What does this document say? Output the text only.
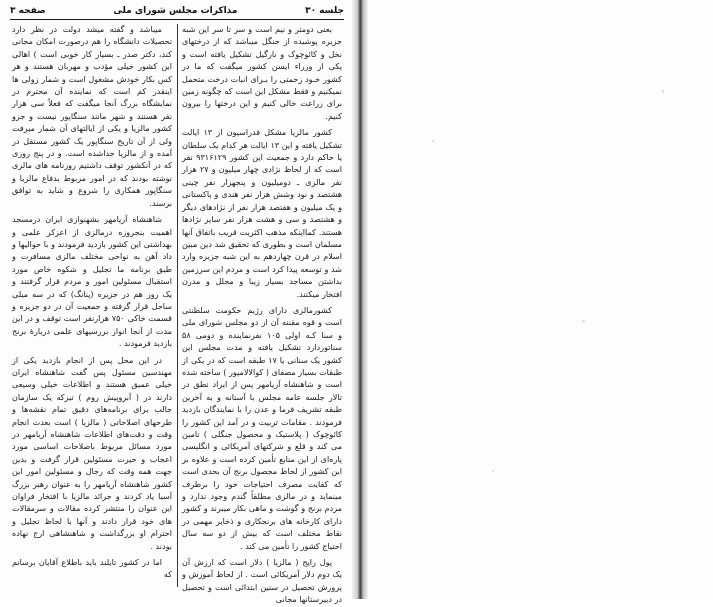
جلسه ۳۰
مذاکرات مجلس شورای ملی
صفحه ۳

بعنی دومتر و نیم است و سر تا سر این شبه جزیره پوشیده از جنگل میباشد که از درختهای نخل و کائوچوک و نارگیل تشکیل یافته است و یکی از وزراء ایسن کشور میگفت که ما در کشور خـود زحمتی را بـرای انبات درخت متحمل نمیکنیم و فقط مشکل این است که چگونه زمین برای زراعت خالی کنیم و این درختها را بیرون کنیم.

کشور مالزیا مشکل فدراسیون از ۱۳ ایالت تشکیل یافته و این ۱۳ ایالت هر کدام یک سلطان یا حاکم دارد و جمعیت این کشور ۹۳۱۶۱۲۹ نفر است که از لحاظ نژادی چهار میلیون و ۲۷ هزار نفر مالزی ـ دومیلیون و پنجهزار نفر چینی هشتصد و نود وشش هزار نفر هندی و پاکستانی و یک میلیون و هفتصد هزار نفر از نژادهای دیگر و هشتصد و سی و هشت هزار نفر سایر نژادها هستند. کمااینکه مذهب اکثریت قریب باتفاق آنها مسلمان است و بطوری که تحقیق شد دین مبین اسلام در قرن چهاردهم به این شبه جزیره وارد شد و توسعه پیدا کرد است و مردم این سرزمین بداشتن مساجد بسیار زیبا و مجلل و مدرن افتخار میکنند.

کشورمالزی دارای رژیم حکومت سلطنتی است و قوه مقننه آن از دو مجلس شورای ملی و سنا کـه اولی ۱۰۵ نفرنماینده و دومی ۵۸ سناتوردارد تشکیل یافته و مدت مجلس این کشور یک سنانی یا ۱۷ طبقه است که در یکی از طبقات بسیار مصفای ( کوالالامپور ) ساخته شده است و شاهنشاه آریامهر پس از ایراد نطق در تالار جلسه عامه مجلس با آستانه و به آخرین طبقه تشریف فرما و عدن را با نمایندگان بازدید فرمودند . مقامات تربیت و در آمد این کشور را کائوچوک ( پلاستیک و محصول جنگلی ) تامین می کند و قلع و شرکتهای آمریکائی و انگلیسی پاره‌ای از این منابع تأمین کرده است و علاوه بر این کشور از لحاظ محصول برنج آن بحدی است که کفایت مصرف احتیاجات خود را برطرف مینماید و در مالزی مطلقاً گندم وجود ندارد و مردم برنج و گوشت و ماهی بکار میبرند و کشور دارای کارخانه های برنجکاری و ذخایر مهمی در نقاط مختلف است که بیش از دو سه سال احتیاج کشور را تأمین می کند .

پول رایج ( مالزیا ) دلار است که ارزش آن یک دوم دلار آمریکائی است . از لحاظ آموزش و پرورش تحصیل در سنین ابتدائی است و تحصیل در دبیرستانها مجانی

میباشد و گفته میشد دولت در نظر دارد تحصیلات دانشگاه را هم درصورت امکان مجانی کند، دکتر صدر ـ بسیار کار خوبی است ) اهالی این کشور خیلی مؤدب و مهربان هستند و هر کس بکار خودش مشغول است و شمار زولی ها اینقدر کم است که نماینده آن محترم در نمایشگاه بزرگ آنجا میگفت که فعلاً سی هزار نفر هستند و شهر مانند سنگاپور نیست و جزو کشور مالزیا و یکی از ایالتهای آن شمار میرفت ولی از آن تاریخ سنگاپور یک کشور مستقل در آمده و از مالزیا جداشده است. و در پنج روزی که در آنکشور توقف داشتیم روزنامه های مالزی نوشته بودند که در امور مربوط بدفاع مالزیا و سنگاپور همکاری را شروع و شاید به توافق برسند.

شاهنشاه آریامهر بشهنوازی ایران درمسجد اهمیت بنجروزه درمالزی از اعزکر علمی و بهداشتی این کشور بازدید فرمودند و با حوالیها و داد آهن به نواحی مختلف مالزی مسافرت و طبق برنامه ما تجلیل و شکوه خاص مورد استقبال مسئولین امور و مردم قرار گرفتند و یک روز هم در جزیره (پنانگ) که در سه میلی ساحل قرار گرفته و جمعیت آن در دو جزیره و قسمت خاکی ۷۵۰ هزارنفر است توقف و در این مدت از آنجا انواز بررسیهای علمی دربارهٔ برنج بازدید فرمودند .

در این محل پس از انجام بازدید یکی از مهندسین مسئول پس گفت شاهنشاه ایران خیلی عمیق هستند و اطلاعات خیلی وسیعی دارند در ( آبروپیش روم ) تیزکه یک سازمان جالب برای برنامه‌های دقیق تمام نقشه‌ها و طرحهای اصلاحاتی ( مالزیا ) است بعدت انجام وقت و دقت‌های اطلاعات شاهنشاه آریامهر در مورد مسائل مربوط باصلاحات اساسی مورد اعجاب و حیرت مسئولین قرار گرفت و بدین جهت همه وقت که رجال و مسئولین امور این کشور شاهنشاه آریامهر را به عنوان رهبر بزرگ آسیا یاد کردند و جرائد مالزیا با افتخار فراوان این عنوان را منتشر کرده مقالات و سرمقالات های خود قرار دادند و آنها با لحاظ تجلیل و احترام او بزرگداشت و شاهنشاهی ارج نهاده بودند .

اما در کشور تایلند باید باطلاع آقایان برسانم که
